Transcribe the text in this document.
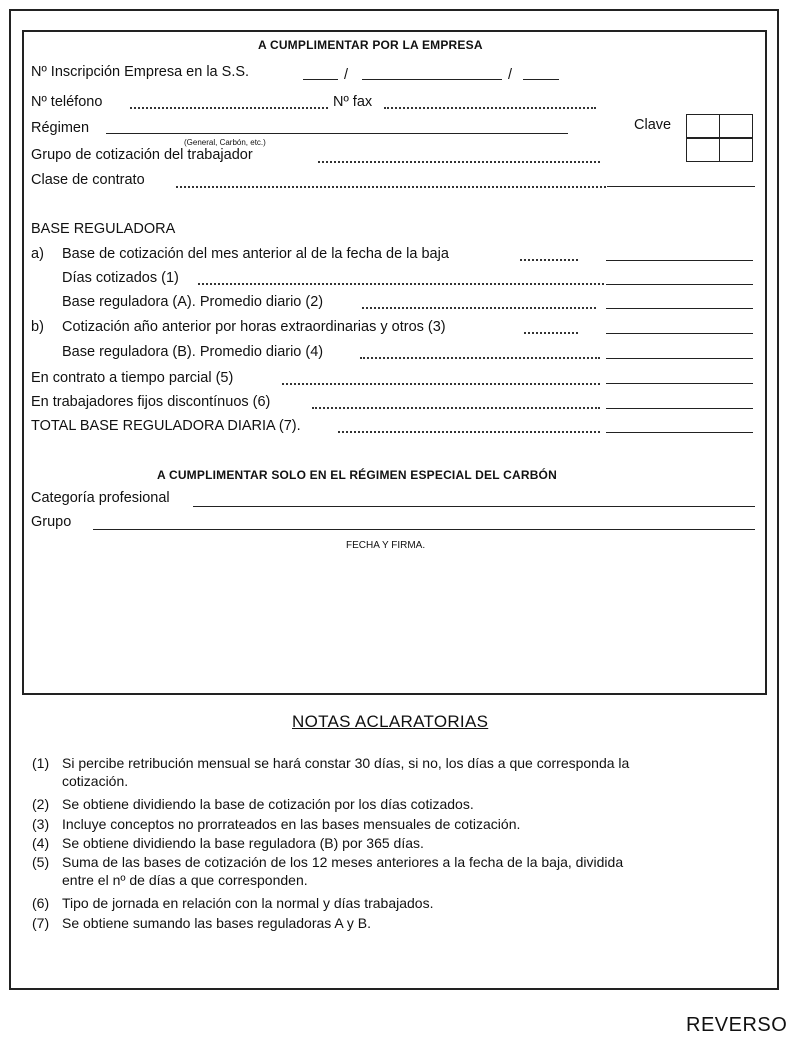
A CUMPLIMENTAR POR LA EMPRESA
Nº Inscripción Empresa en la S.S.	/	/
Nº teléfono	Nº fax
Régimen	Clave
(General, Carbón, etc.)
Grupo de cotización del trabajador
Clase de contrato
BASE REGULADORA
a) Base de cotización del mes anterior al de la fecha de la baja
Días cotizados (1)
Base reguladora (A). Promedio diario (2)
b) Cotización año anterior por horas extraordinarias y otros (3)
Base reguladora (B). Promedio diario (4)
En contrato a tiempo parcial (5)
En trabajadores fijos discontínuos (6)
TOTAL BASE REGULADORA DIARIA (7).
A CUMPLIMENTAR SOLO EN EL RÉGIMEN ESPECIAL DEL CARBÓN
Categoría profesional
Grupo
FECHA Y FIRMA.
NOTAS ACLARATORIAS
(1) Si percibe retribución mensual se hará constar 30 días, si no, los días a que corresponda la
cotización.
(2) Se obtiene dividiendo la base de cotización por los días cotizados.
(3) Incluye conceptos no prorrateados en las bases mensuales de cotización.
(4) Se obtiene dividiendo la base reguladora (B) por 365 días.
(5) Suma de las bases de cotización de los 12 meses anteriores a la fecha de la baja, dividida
entre el nº de días a que corresponden.
(6) Tipo de jornada en relación con la normal y días trabajados.
(7) Se obtiene sumando las bases reguladoras A y B.
REVERSO
